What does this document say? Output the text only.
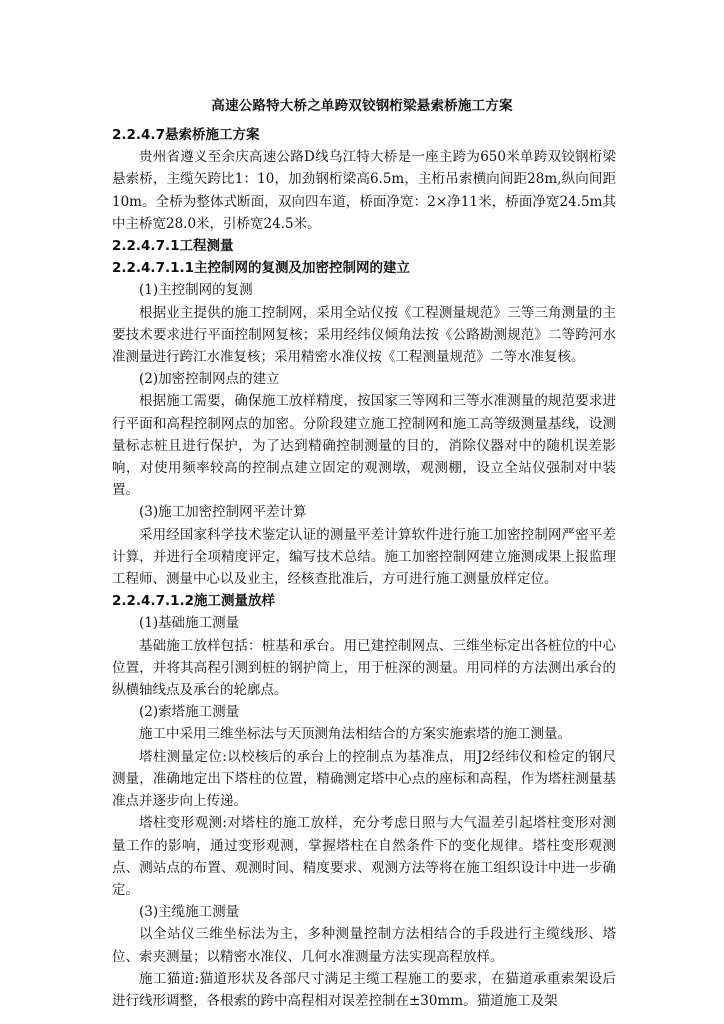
高速公路特大桥之单跨双铰钢桁梁悬索桥施工方案

2.2.4.7悬索桥施工方案

贵州省遵义至余庆高速公路D线乌江特大桥是一座主跨为650米单跨双铰钢桁梁悬索桥，主缆矢跨比1：10，加劲钢桁梁高6.5m，主桁吊索横向间距28m,纵向间距10m。全桥为整体式断面，双向四车道，桥面净宽：2×净11米，桥面净宽24.5m其中主桥宽28.0米，引桥宽24.5米。

2.2.4.7.1工程测量

2.2.4.7.1.1主控制网的复测及加密控制网的建立

(1)主控制网的复测

根据业主提供的施工控制网，采用全站仪按《工程测量规范》三等三角测量的主要技术要求进行平面控制网复核；采用经纬仪倾角法按《公路勘测规范》二等跨河水准测量进行跨江水准复核；采用精密水准仪按《工程测量规范》二等水准复核。

(2)加密控制网点的建立

根据施工需要，确保施工放样精度，按国家三等网和三等水准测量的规范要求进行平面和高程控制网点的加密。分阶段建立施工控制网和施工高等级测量基线，设测量标志桩且进行保护，为了达到精确控制测量的目的，消除仪器对中的随机误差影响，对使用频率较高的控制点建立固定的观测墩，观测棚，设立全站仪强制对中装置。

(3)施工加密控制网平差计算

采用经国家科学技术鉴定认证的测量平差计算软件进行施工加密控制网严密平差计算，并进行全项精度评定，编写技术总结。施工加密控制网建立施测成果上报监理工程师、测量中心以及业主，经核查批准后，方可进行施工测量放样定位。

2.2.4.7.1.2施工测量放样

(1)基础施工测量

基础施工放样包括：桩基和承台。用已建控制网点、三维坐标定出各桩位的中心位置，并将其高程引测到桩的钢护筒上，用于桩深的测量。用同样的方法测出承台的纵横轴线点及承台的轮廓点。

(2)索塔施工测量

施工中采用三维坐标法与天顶测角法相结合的方案实施索塔的施工测量。

塔柱测量定位:以校核后的承台上的控制点为基准点，用J2经纬仪和检定的钢尺测量，准确地定出下塔柱的位置，精确测定塔中心点的座标和高程，作为塔柱测量基准点并逐步向上传递。

塔柱变形观测:对塔柱的施工放样，充分考虑日照与大气温差引起塔柱变形对测量工作的影响，通过变形观测，掌握塔柱在自然条件下的变化规律。塔柱变形观测点、测站点的布置、观测时间、精度要求、观测方法等将在施工组织设计中进一步确定。

(3)主缆施工测量

以全站仪三维坐标法为主，多种测量控制方法相结合的手段进行主缆线形、塔位、索夹测量；以精密水准仪、几何水准测量方法实现高程放样。

施工猫道:猫道形状及各部尺寸满足主缆工程施工的要求，在猫道承重索架设后进行线形调整，各根索的跨中高程相对误差控制在±30mm。猫道施工及架
